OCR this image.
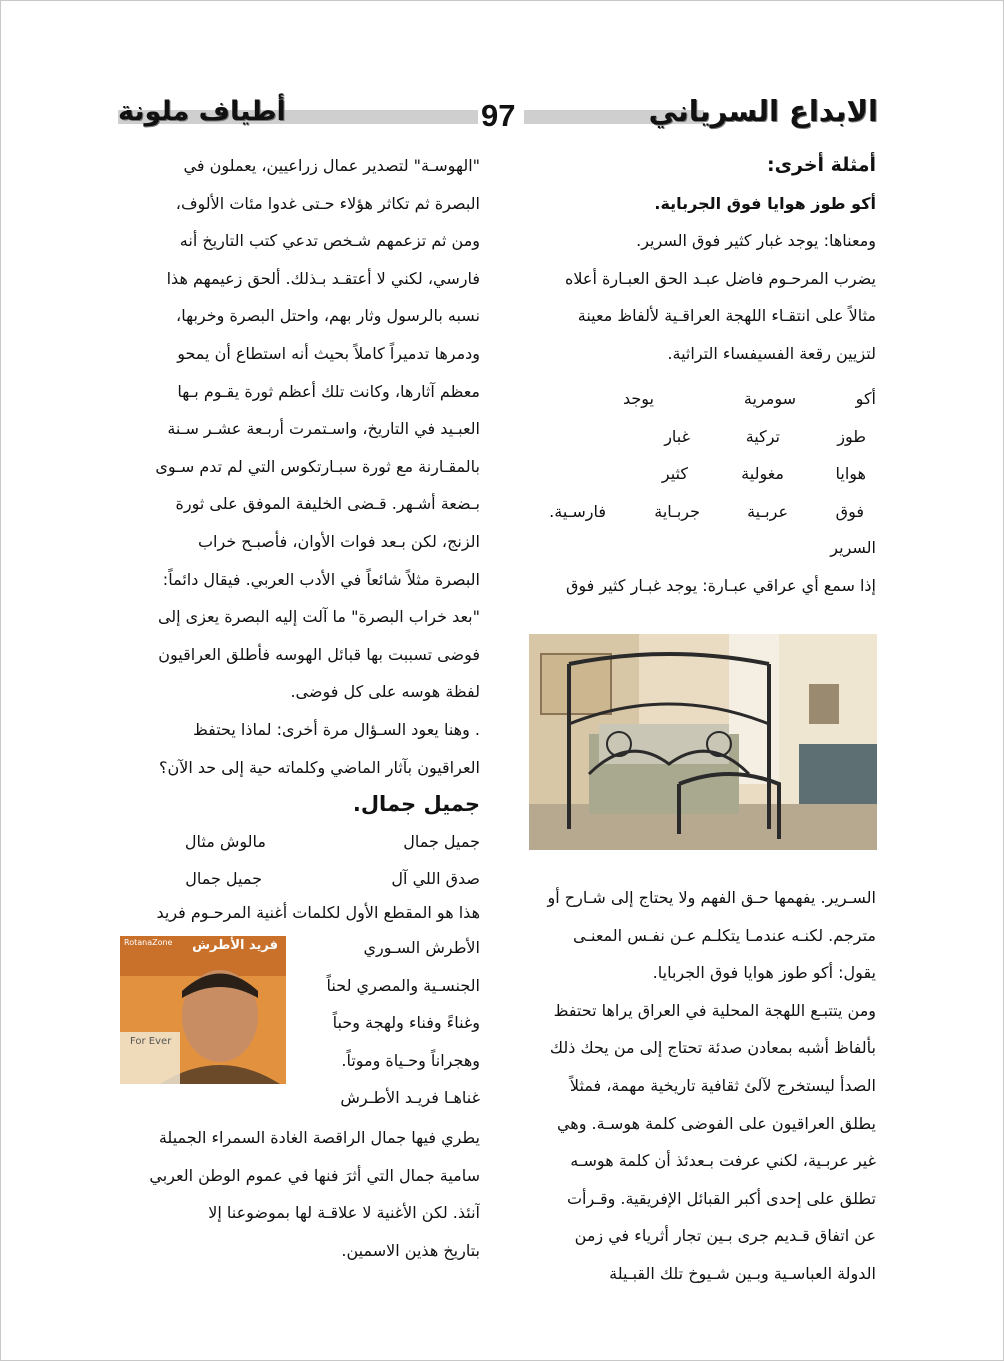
الابداع السرياني
97
أطياف ملونة
أمثلة أخرى:
أكو طوز هوايا فوق الجرباية.
ومعناها: يوجد غبار كثير فوق السرير.
يضرب المرحـوم فاضل عبـد الحق العبـارة أعلاه
مثالاً على انتقـاء اللهجة العراقـية لألفاظ معينة
لتزيين رقعة الفسيفساء التراثية.
أكو
سومرية
يوجد
طوز
تركية
غبار
هوايا
مغولية
كثير
فوق
عربـية
جربـاية
فارسـية.
السرير
إذا سمع أي عراقي عبـارة: يوجد غبـار كثير فوق
السـرير. يفهمها حـق الفهم ولا يحتاج إلى شـارح أو
مترجم. لكنـه عندمـا يتكلـم عـن نفـس المعنـى
يقول: أكو طوز هوايا فوق الجربايا.
ومن يتتبـع اللهجة المحلية في العراق يراها تحتفظ
بألفاظ أشبه بمعادن صدئة تحتاج إلى من يحك ذلك
الصدأ ليستخرج لآلئ ثقافية تاريخية مهمة، فمثلاً
يطلق العراقيون على الفوضى كلمة هوسـة. وهي
غير عربـية، لكني عرفت بـعدئذ أن كلمة هوسـه
تطلق على إحدى أكبر القبائل الإفريقية. وقـرأت
عن اتفاق قـديم جرى بـين تجار أثرياء في زمن
الدولة العباسـية وبـين شـيوخ تلك القبـيلة
"الهوسـة" لتصدير عمال زراعيين، يعملون في
البصرة ثم تكاثر هؤلاء حـتى غدوا مئات الألوف،
ومن ثم تزعمهم شـخص تدعي كتب التاريخ أنه
فارسي، لكني لا أعتقـد بـذلك. ألحق زعيمهم هذا
نسبه بالرسول وثار بهم، واحتل البصرة وخربها،
ودمرها تدميراً كاملاً بحيث أنه استطاع أن يمحو
معظم آثارها، وكانت تلك أعظم ثورة يقـوم بـها
العبـيد في التاريخ، واسـتمرت أربـعة عشـر سـنة
بالمقـارنة مع ثورة سبـارتكوس التي لم تدم سـوى
بـضعة أشـهر. قـضى الخليفة الموفق على ثورة
الزنج، لكن بـعد فوات الأوان، فأصبـح خراب
البصرة مثلاً شائعاً في الأدب العربي. فيقال دائماً:
"بعد خراب البصرة" ما آلت إليه البصرة يعزى إلى
فوضى تسببت بها قبائل الهوسه فأطلق العراقيون
لفظة هوسه على كل فوضى.
. وهنا يعود السـؤال مرة أخرى: لماذا يحتفظ
العراقيون بآثار الماضي وكلماته حية إلى حد الآن؟
جميل جمال.
جميل جمال
مالوش مثال
صدق اللي آل
جميل جمال
هذا هو المقطع الأول لكلمات أغنية المرحـوم فريد
فريد الأطرش
RotanaZone
For Ever
الأطرش السـوري
الجنسـية والمصري لحناً
وغناءً وفناء ولهجة وحباً
وهجراناً وحـياة وموتاً.
غناهـا فريـد الأطـرش
يطري فيها جمال الراقصة الغادة السمراء الجميلة
سامية جمال التي أثرَ فنها في عموم الوطن العربي
آنئذ. لكن الأغنية لا علاقـة لها بموضوعنا إلا
بتاريخ هذين الاسمين.
